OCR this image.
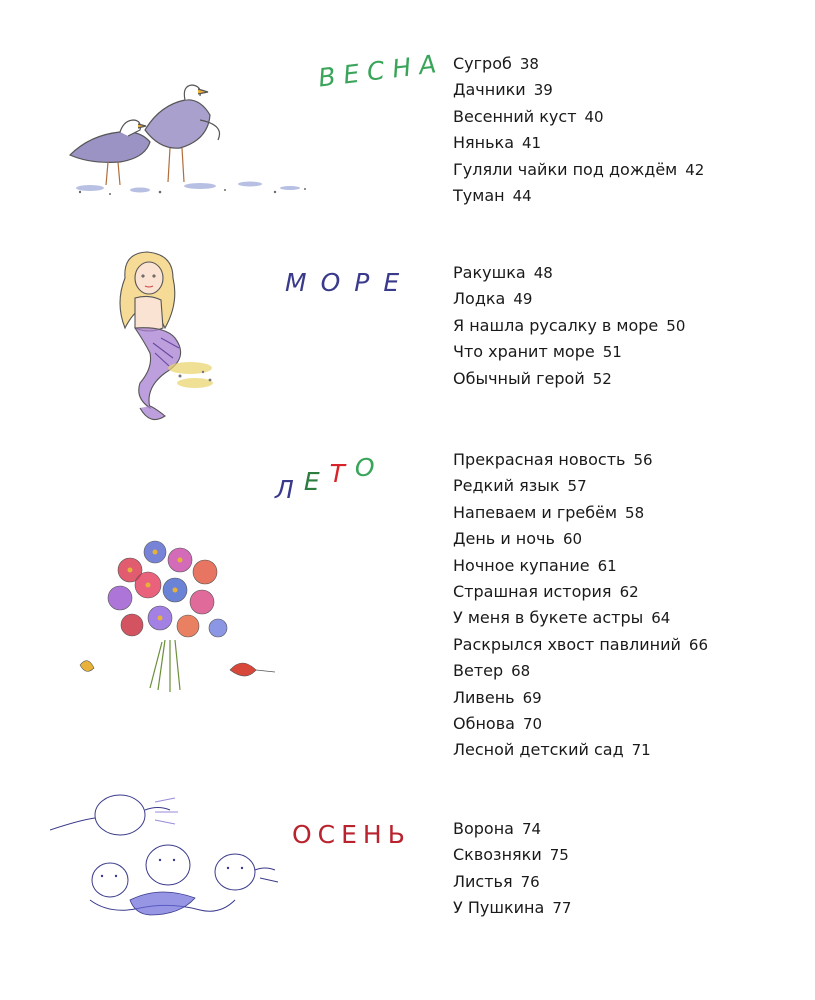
ВЕСНА Сугроб 38
Дачники 39
Весенний куст 40
Нянька 41
Гуляли чайки под дождём 42
Туман 44
МОРЕ Ракушка 48
Лодка 49
Я нашла русалку в море 50
Что хранит море 51
Обычный герой 52
ЛЕТО	Прекрасная новость 56
Редкий язык 57
Напеваем и гребём 58
День и ночь 60
Ночное купание 61
Страшная история 62
У меня в букете астры 64
Раскрылся хвост павлиний 66
Ветер 68
Ливень 69
Обнова 70
Лесной детский сад 71
ОСЕНЬ	Ворона 74
Сквозняки 75
Листья 76
У Пушкина 77
